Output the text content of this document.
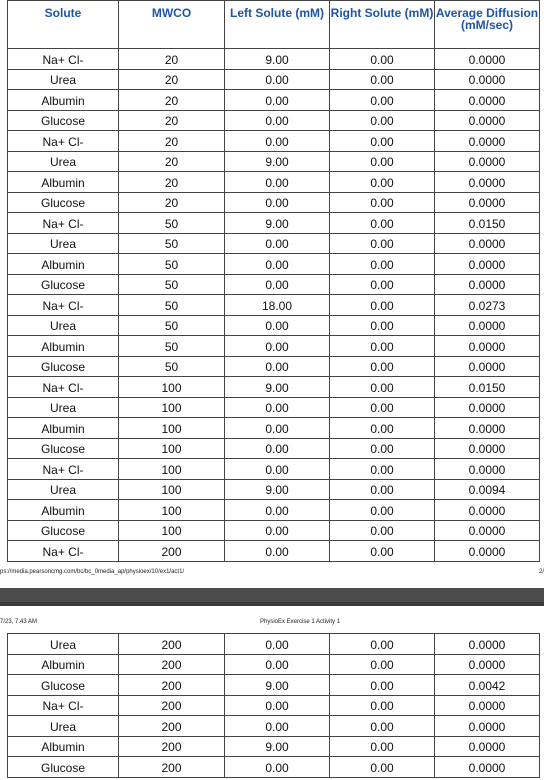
Solute	MWCO	Left Solute (mM)	Right Solute (mM)	Average Diffusion (mM/sec)
Na+ Cl-	20	9.00	0.00	0.0000
Urea	20	0.00	0.00	0.0000
Albumin	20	0.00	0.00	0.0000
Glucose	20	0.00	0.00	0.0000
Na+ Cl-	20	0.00	0.00	0.0000
Urea	20	9.00	0.00	0.0000
Albumin	20	0.00	0.00	0.0000
Glucose	20	0.00	0.00	0.0000
Na+ Cl-	50	9.00	0.00	0.0150
Urea	50	0.00	0.00	0.0000
Albumin	50	0.00	0.00	0.0000
Glucose	50	0.00	0.00	0.0000
Na+ Cl-	50	18.00	0.00	0.0273
Urea	50	0.00	0.00	0.0000
Albumin	50	0.00	0.00	0.0000
Glucose	50	0.00	0.00	0.0000
Na+ Cl-	100	9.00	0.00	0.0150
Urea	100	0.00	0.00	0.0000
Albumin	100	0.00	0.00	0.0000
Glucose	100	0.00	0.00	0.0000
Na+ Cl-	100	0.00	0.00	0.0000
Urea	100	9.00	0.00	0.0094
Albumin	100	0.00	0.00	0.0000
Glucose	100	0.00	0.00	0.0000
Na+ Cl-	200	0.00	0.00	0.0000
ps://media.pearsoncmg.com/bc/bc_0media_ap/physioex/10/ex1/act1/	2/
7/23, 7:43 AM	PhysioEx Exercise 1 Activity 1
Urea	200	0.00	0.00	0.0000
Albumin	200	0.00	0.00	0.0000
Glucose	200	9.00	0.00	0.0042
Na+ Cl-	200	0.00	0.00	0.0000
Urea	200	0.00	0.00	0.0000
Albumin	200	9.00	0.00	0.0000
Glucose	200	0.00	0.00	0.0000
